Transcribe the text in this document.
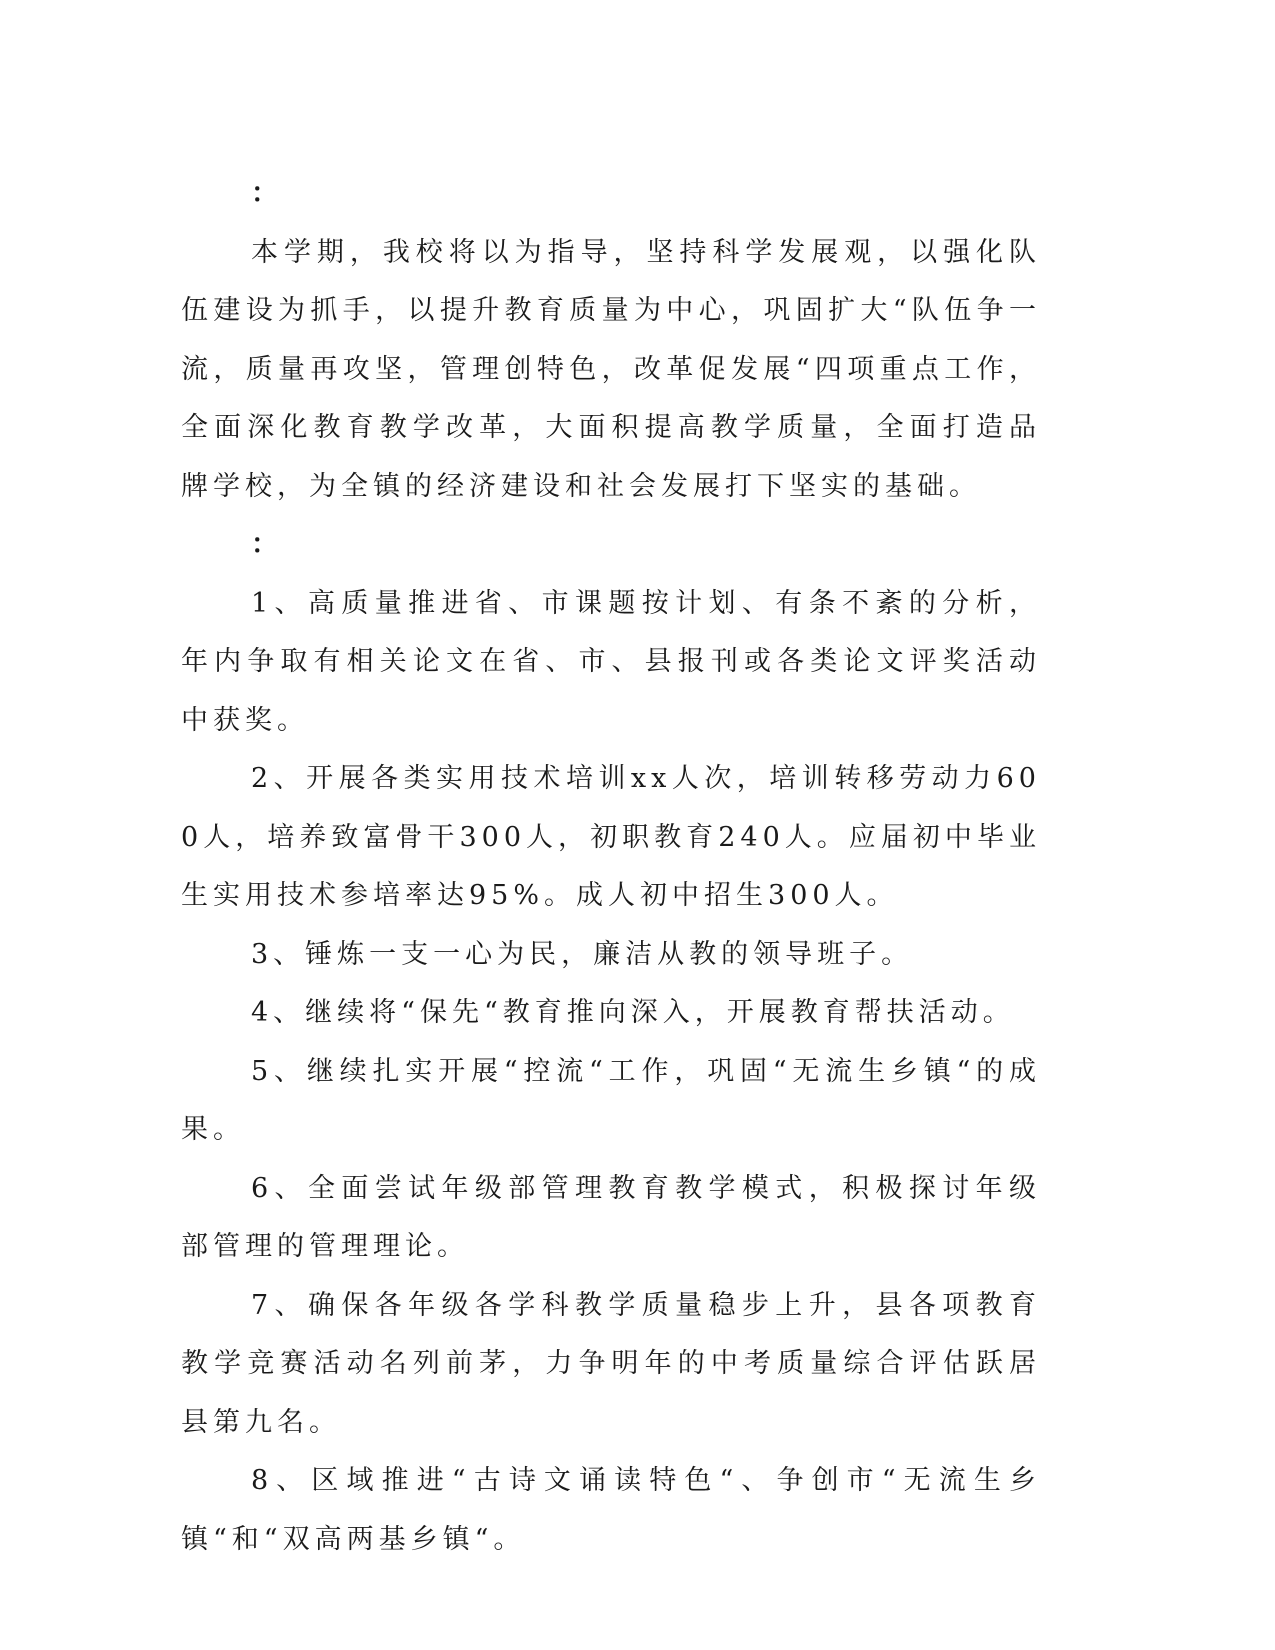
：

本学期，我校将以为指导，坚持科学发展观，以强化队伍建设为抓手，以提升教育质量为中心，巩固扩大“队伍争一流，质量再攻坚，管理创特色，改革促发展“四项重点工作，全面深化教育教学改革，大面积提高教学质量，全面打造品牌学校，为全镇的经济建设和社会发展打下坚实的基础。

：

1、高质量推进省、市课题按计划、有条不紊的分析，年内争取有相关论文在省、市、县报刊或各类论文评奖活动中获奖。

2、开展各类实用技术培训xx人次，培训转移劳动力600人，培养致富骨干300人，初职教育240人。应届初中毕业生实用技术参培率达95%。成人初中招生300人。

3、锤炼一支一心为民，廉洁从教的领导班子。

4、继续将“保先“教育推向深入，开展教育帮扶活动。

5、继续扎实开展“控流“工作，巩固“无流生乡镇“的成果。

6、全面尝试年级部管理教育教学模式，积极探讨年级部管理的管理理论。

7、确保各年级各学科教学质量稳步上升，县各项教育教学竞赛活动名列前茅，力争明年的中考质量综合评估跃居县第九名。

8、区域推进“古诗文诵读特色“、争创市“无流生乡镇“和“双高两基乡镇“。
